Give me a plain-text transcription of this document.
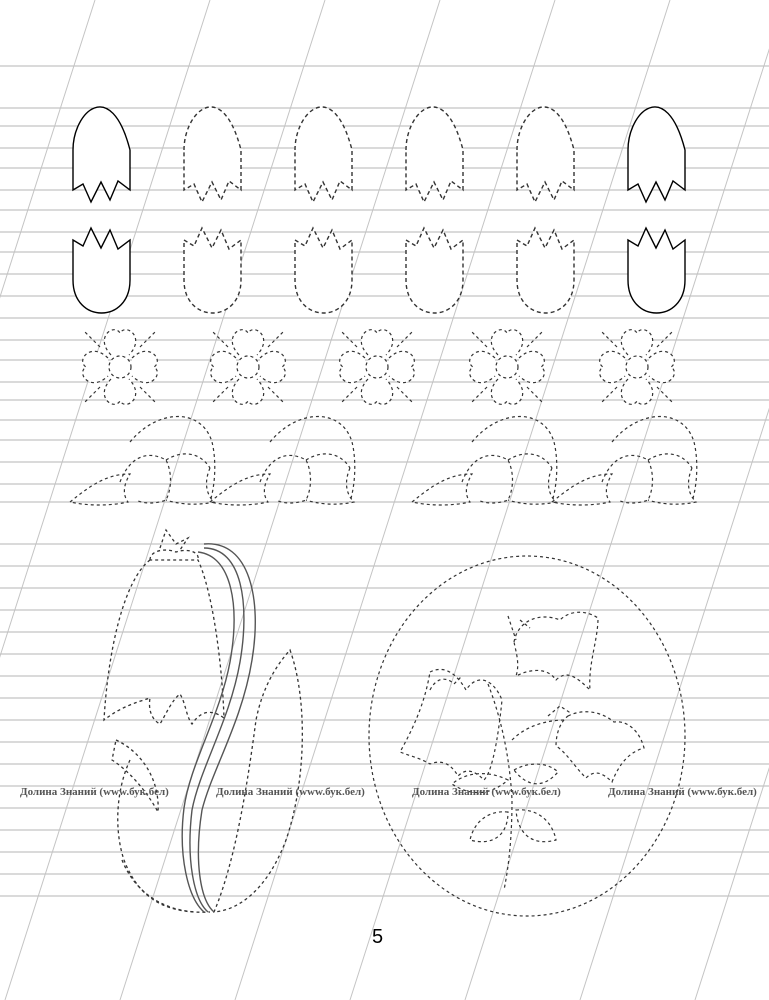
Долина Знаний (www.бук.бел)	Долина Знаний (www.бук.бел)	Долина Знаний (www.бук.бел)	Долина Знаний (www.бук.бел)
5
